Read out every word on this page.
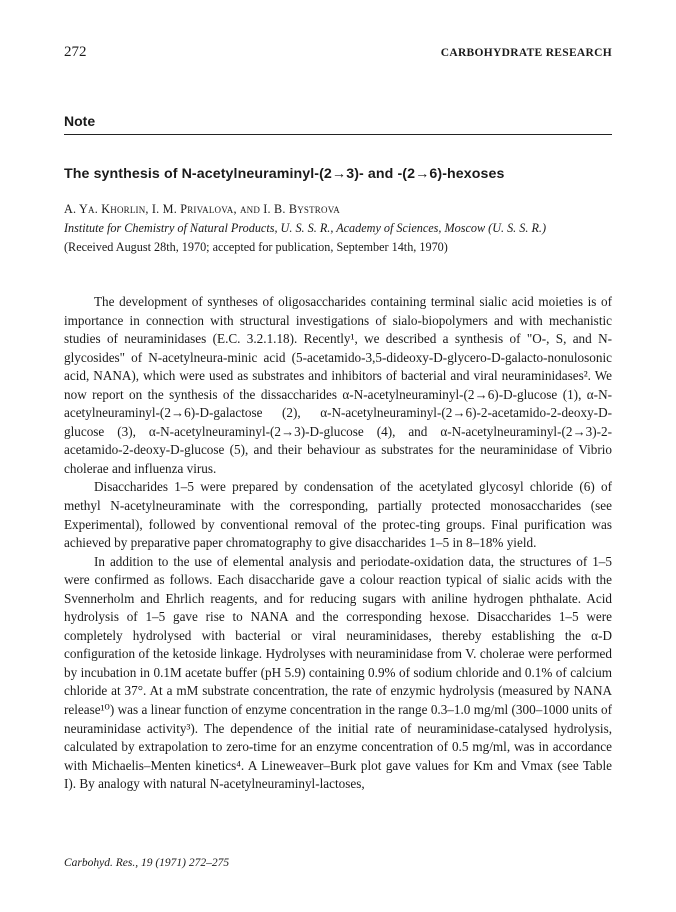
272	CARBOHYDRATE RESEARCH
Note
The synthesis of N-acetylneuraminyl-(2→3)- and -(2→6)-hexoses
A. Ya. Khorlin, I. M. Privalova, and I. B. Bystrova
Institute for Chemistry of Natural Products, U. S. S. R., Academy of Sciences, Moscow (U. S. S. R.)
(Received August 28th, 1970; accepted for publication, September 14th, 1970)

The development of syntheses of oligosaccharides containing terminal sialic acid moieties is of importance in connection with structural investigations of sialo-biopolymers and with mechanistic studies of neuraminidases (E.C. 3.2.1.18). Recently¹, we described a synthesis of "O-, S, and N-glycosides" of N-acetylneura-minic acid (5-acetamido-3,5-dideoxy-D-glycero-D-galacto-nonulosonic acid, NANA), which were used as substrates and inhibitors of bacterial and viral neuraminidases². We now report on the synthesis of the dissaccharides α-N-acetylneuraminyl-(2→6)-D-glucose (1), α-N-acetylneuraminyl-(2→6)-D-galactose (2), α-N-acetylneuraminyl-(2→6)-2-acetamido-2-deoxy-D-glucose (3), α-N-acetylneuraminyl-(2→3)-D-glucose (4), and α-N-acetylneuraminyl-(2→3)-2-acetamido-2-deoxy-D-glucose (5), and their behaviour as substrates for the neuraminidase of Vibrio cholerae and influenza virus.

Disaccharides 1–5 were prepared by condensation of the acetylated glycosyl chloride (6) of methyl N-acetylneuraminate with the corresponding, partially protected monosaccharides (see Experimental), followed by conventional removal of the protec-ting groups. Final purification was achieved by preparative paper chromatography to give disaccharides 1–5 in 8–18% yield.

In addition to the use of elemental analysis and periodate-oxidation data, the structures of 1–5 were confirmed as follows. Each disaccharide gave a colour reaction typical of sialic acids with the Svennerholm and Ehrlich reagents, and for reducing sugars with aniline hydrogen phthalate. Acid hydrolysis of 1–5 gave rise to NANA and the corresponding hexose. Disaccharides 1–5 were completely hydrolysed with bacterial or viral neuraminidases, thereby establishing the α-D configuration of the ketoside linkage. Hydrolyses with neuraminidase from V. cholerae were performed by incubation in 0.1M acetate buffer (pH 5.9) containing 0.9% of sodium chloride and 0.1% of calcium chloride at 37°. At a mM substrate concentration, the rate of enzymic hydrolysis (measured by NANA release¹⁰) was a linear function of enzyme concentration in the range 0.3–1.0 mg/ml (300–1000 units of neuraminidase activity³). The dependence of the initial rate of neuraminidase-catalysed hydrolysis, calculated by extrapolation to zero-time for an enzyme concentration of 0.5 mg/ml, was in accordance with Michaelis–Menten kinetics⁴. A Lineweaver–Burk plot gave values for Km and Vmax (see Table I). By analogy with natural N-acetylneuraminyl-lactoses,

Carbohyd. Res., 19 (1971) 272–275
